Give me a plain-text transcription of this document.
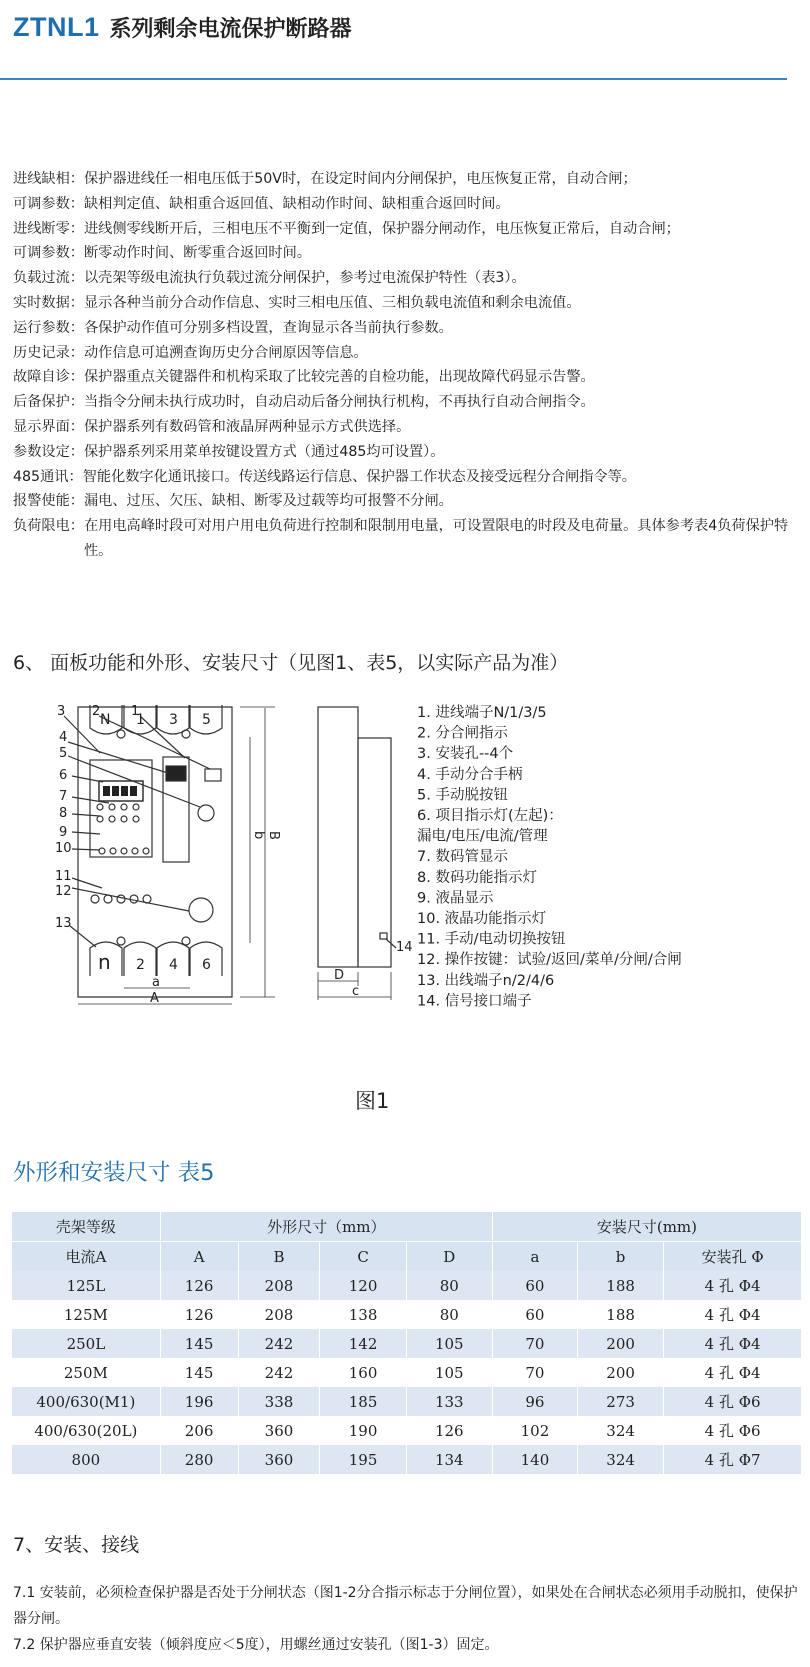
ZTNL1 系列剩余电流保护断路器
进线缺相： 保护器进线任一相电压低于50V时，在设定时间内分闸保护，电压恢复正常，自动合闸；
可调参数： 缺相判定值、缺相重合返回值、缺相动作时间、缺相重合返回时间。
进线断零： 进线侧零线断开后，三相电压不平衡到一定值，保护器分闸动作，电压恢复正常后，自动合闸；
可调参数： 断零动作时间、断零重合返回时间。
负载过流： 以壳架等级电流执行负载过流分闸保护，参考过电流保护特性（表3）。
实时数据： 显示各种当前分合动作信息、实时三相电压值、三相负载电流值和剩余电流值。
运行参数： 各保护动作值可分别多档设置，查询显示各当前执行参数。
历史记录： 动作信息可追溯查询历史分合闸原因等信息。
故障自诊： 保护器重点关键器件和机构采取了比较完善的自检功能，出现故障代码显示告警。
后备保护： 当指令分闸未执行成功时，自动启动后备分闸执行机构，不再执行自动合闸指令。
显示界面： 保护器系列有数码管和液晶屏两种显示方式供选择。
参数设定： 保护器系列采用菜单按键设置方式（通过485均可设置）。
485通讯： 智能化数字化通讯接口。传送线路运行信息、保护器工作状态及接受远程分合闸指令等。
报警使能： 漏电、过压、欠压、缺相、断零及过载等均可报警不分闸。
负荷限电： 在用电高峰时段可对用户用电负荷进行控制和限制用电量，可设置限电的时段及电荷量。具体参考表4负荷保护特性。
6、 面板功能和外形、安装尺寸（见图1、表5，以实际产品为准）
N 1 3 5
n 2 4 6
3 2 1
4
5
6
7
8
9
10
11
12
13
14
a
A
D
c
b B
1. 进线端子N/1/3/5
2. 分合闸指示
3. 安装孔--4个
4. 手动分合手柄
5. 手动脱按钮
6. 项目指示灯(左起)：
漏电/电压/电流/管理
7. 数码管显示
8. 数码功能指示灯
9. 液晶显示
10. 液晶功能指示灯
11. 手动/电动切换按钮
12. 操作按键：试验/返回/菜单/分闸/合闸
13. 出线端子n/2/4/6
14. 信号接口端子
图1
外形和安装尺寸 表5
壳架等级	外形尺寸（mm）				安装尺寸(mm)		
电流A	A	B	C	D	a	b	安装孔 Φ
125L	126	208	120	80	60	188	4 孔 Φ4
125M	126	208	138	80	60	188	4 孔 Φ4
250L	145	242	142	105	70	200	4 孔 Φ4
250M	145	242	160	105	70	200	4 孔 Φ4
400/630(M1)	196	338	185	133	96	273	4 孔 Φ6
400/630(20L)	206	360	190	126	102	324	4 孔 Φ6
800	280	360	195	134	140	324	4 孔 Φ7
7、安装、接线
7.1 安装前，必须检查保护器是否处于分闸状态（图1-2分合指示标志于分闸位置），如果处在合闸状态必须用手动脱扣，使保护器分闸。
7.2 保护器应垂直安装（倾斜度应＜5度），用螺丝通过安装孔（图1-3）固定。
